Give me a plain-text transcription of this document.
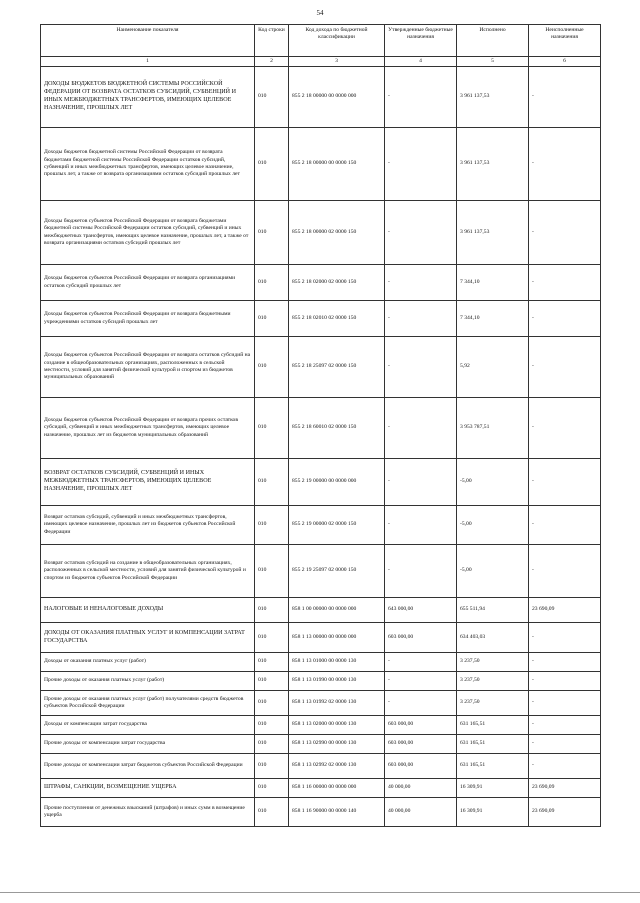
54
Наименование показателя	Код строки	Код дохода по бюджетной классификации	Утвержденные бюджетные назначения	Исполнено	Неисполненные назначения
1	2	3	4	5	6
ДОХОДЫ БЮДЖЕТОВ БЮДЖЕТНОЙ СИСТЕМЫ РОССИЙСКОЙ ФЕДЕРАЦИИ ОТ ВОЗВРАТА ОСТАТКОВ СУБСИДИЙ, СУБВЕНЦИЙ И ИНЫХ МЕЖБЮДЖЕТНЫХ ТРАНСФЕРТОВ, ИМЕЮЩИХ ЦЕЛЕВОЕ НАЗНАЧЕНИЕ, ПРОШЛЫХ ЛЕТ	010	855 2 18 00000 00 0000 000	-	3 961 137,53	-
Доходы бюджетов бюджетной системы Российской Федерации от возврата бюджетами бюджетной системы Российской Федерации остатков субсидий, субвенций и иных межбюджетных трансфертов, имеющих целевое назначение, прошлых лет, а также от возврата организациями остатков субсидий прошлых лет	010	855 2 18 00000 00 0000 150	-	3 961 137,53	-
Доходы бюджетов субъектов Российской Федерации от возврата бюджетами бюджетной системы Российской Федерации остатков субсидий, субвенций и иных межбюджетных трансфертов, имеющих целевое назначение, прошлых лет, а также от возврата организациями остатков субсидий прошлых лет	010	855 2 18 00000 02 0000 150	-	3 961 137,53	-
Доходы бюджетов субъектов Российской Федерации от возврата организациями остатков субсидий прошлых лет	010	855 2 18 02000 02 0000 150	-	7 344,10	-
Доходы бюджетов субъектов Российской Федерации от возврата бюджетными учреждениями остатков субсидий прошлых лет	010	855 2 18 02010 02 0000 150	-	7 344,10	-
Доходы бюджетов субъектов Российской Федерации от возврата остатков субсидий на создание в общеобразовательных организациях, расположенных в сельской местности, условий для занятий физической культурой и спортом из бюджетов муниципальных образований	010	855 2 18 25097 02 0000 150	-	5,92	-
Доходы бюджетов субъектов Российской Федерации от возврата прочих остатков субсидий, субвенций и иных межбюджетных трансфертов, имеющих целевое назначение, прошлых лет из бюджетов муниципальных образований	010	855 2 18 60010 02 0000 150	-	3 953 787,51	-
ВОЗВРАТ ОСТАТКОВ СУБСИДИЙ, СУБВЕНЦИЙ И ИНЫХ МЕЖБЮДЖЕТНЫХ ТРАНСФЕРТОВ, ИМЕЮЩИХ ЦЕЛЕВОЕ НАЗНАЧЕНИЕ, ПРОШЛЫХ ЛЕТ	010	855 2 19 00000 00 0000 000	-	-5,00	-
Возврат остатков субсидий, субвенций и иных межбюджетных трансфертов, имеющих целевое назначение, прошлых лет из бюджетов субъектов Российской Федерации	010	855 2 19 00000 02 0000 150	-	-5,00	-
Возврат остатков субсидий на создание в общеобразовательных организациях, расположенных в сельской местности, условий для занятий физической культурой и спортом из бюджетов субъектов Российской Федерации	010	855 2 19 25097 02 0000 150	-	-5,00	-
НАЛОГОВЫЕ И НЕНАЛОГОВЫЕ ДОХОДЫ	010	858 1 00 00000 00 0000 000	643 000,00	655 511,94	23 690,09
ДОХОДЫ ОТ ОКАЗАНИЯ ПЛАТНЫХ УСЛУГ И КОМПЕНСАЦИИ ЗАТРАТ ГОСУДАРСТВА	010	858 1 13 00000 00 0000 000	603 000,00	634 403,03	-
Доходы от оказания платных услуг (работ)	010	858 1 13 01000 00 0000 130	-	3 237,50	-
Прочие доходы от оказания платных услуг (работ)	010	858 1 13 01990 00 0000 130	-	3 237,50	-
Прочие доходы от оказания платных услуг (работ) получателями средств бюджетов субъектов Российской Федерации	010	858 1 13 01992 02 0000 130	-	3 237,50	-
Доходы от компенсации затрат государства	010	858 1 13 02000 00 0000 130	603 000,00	631 165,51	-
Прочие доходы от компенсации затрат государства	010	858 1 13 02990 00 0000 130	603 000,00	631 165,51	-
Прочие доходы от компенсации затрат бюджетов субъектов Российской Федерации	010	858 1 13 02992 02 0000 130	603 000,00	631 165,51	-
ШТРАФЫ, САНКЦИИ, ВОЗМЕЩЕНИЕ УЩЕРБА	010	858 1 16 00000 00 0000 000	40 000,00	16 309,91	23 690,09
Прочие поступления от денежных взысканий (штрафов) и иных сумм в возмещение ущерба	010	858 1 16 90000 00 0000 140	40 000,00	16 309,91	23 690,09
